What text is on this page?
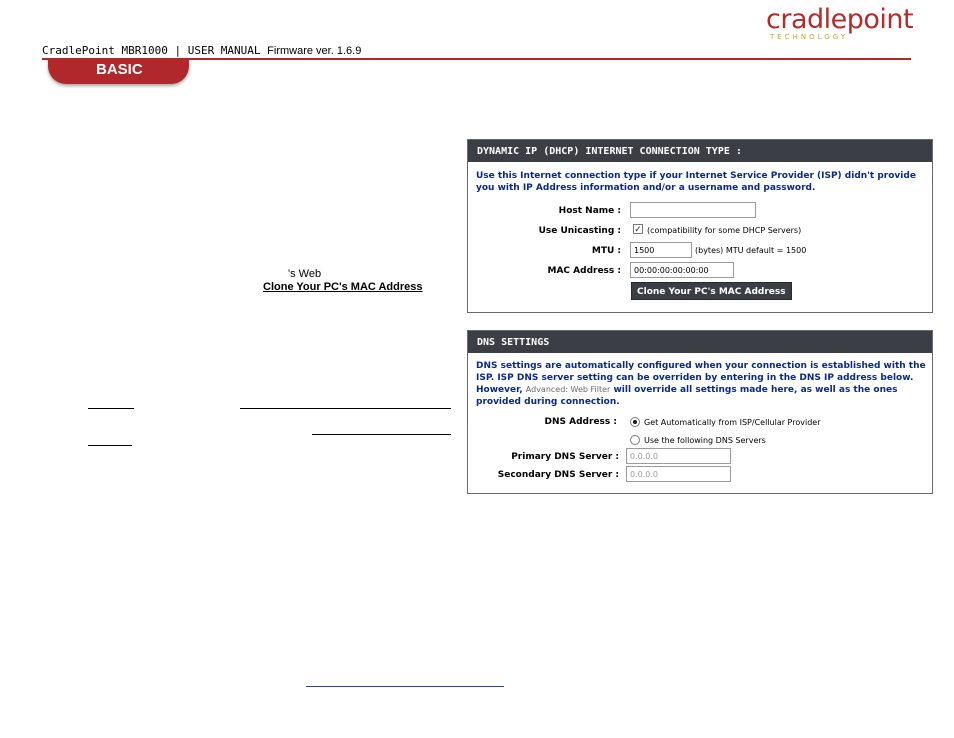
cradlepoint
TECHNOLOGY
CradlePoint MBR1000 | USER MANUAL Firmware ver. 1.6.9
BASIC
's Web
Clone Your PC's MAC Address
DYNAMIC IP (DHCP) INTERNET CONNECTION TYPE :
Use this Internet connection type if your Internet Service Provider (ISP) didn't provide you with IP Address information and/or a username and password.
Host Name :
Use Unicasting : ✓ (compatibility for some DHCP Servers)
MTU :	1500	(bytes) MTU default = 1500
MAC Address :	00:00:00:00:00:00
Clone Your PC's MAC Address
DNS SETTINGS
DNS settings are automatically configured when your connection is established with the ISP. ISP DNS server setting can be overriden by entering in the DNS IP address below. However, Advanced: Web Filter will override all settings made here, as well as the ones provided during connection.
DNS Address :	Get Automatically from ISP/Cellular Provider
Use the following DNS Servers
Primary DNS Server :	0.0.0.0
Secondary DNS Server :	0.0.0.0
